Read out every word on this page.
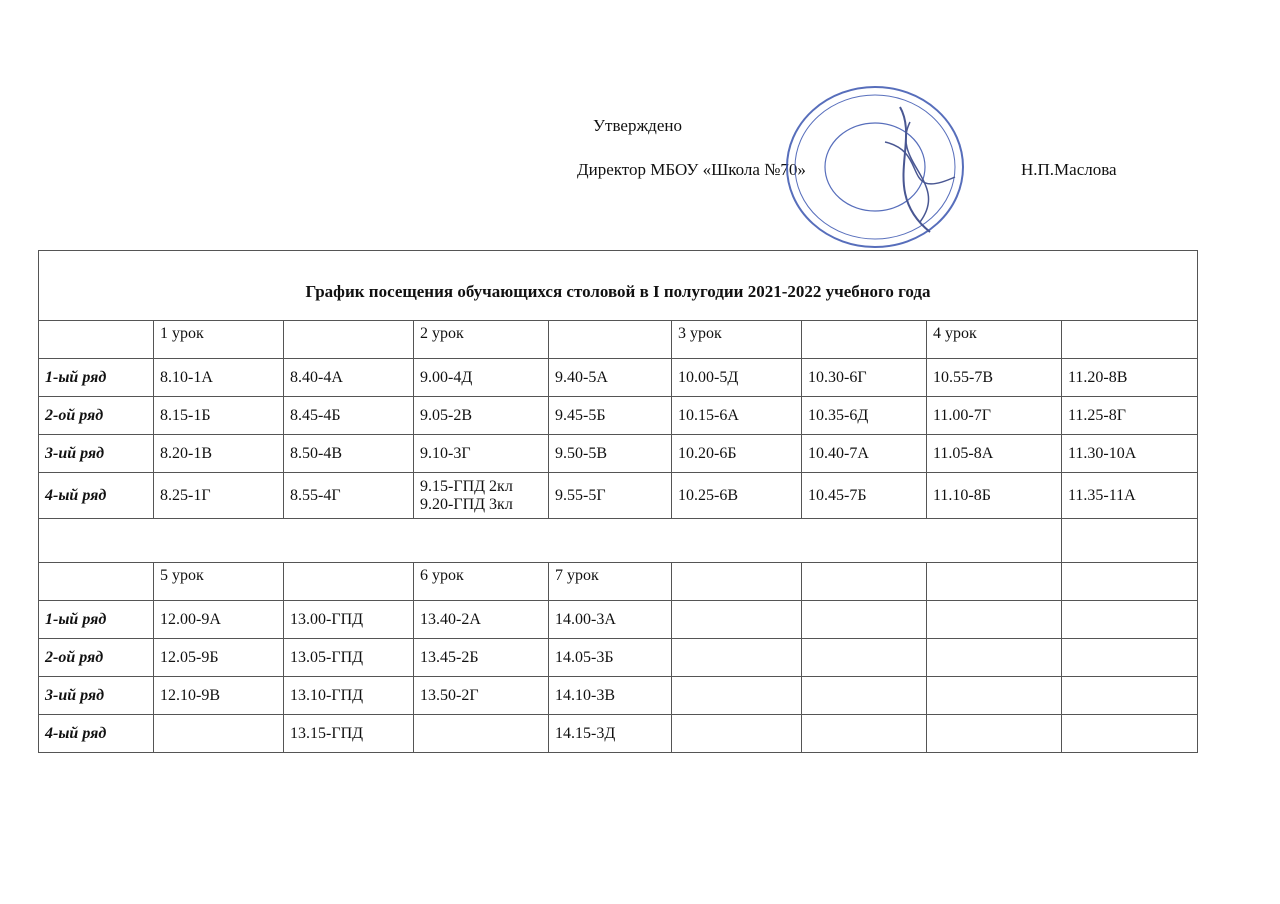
Утверждено
Директор МБОУ «Школа №70»	Н.П.Маслова
График посещения обучающихся столовой в I полугодии 2021-2022 учебного года								
	1 урок		2 урок		3 урок		4 урок	
1-ый ряд	8.10-1А	8.40-4А	9.00-4Д	9.40-5А	10.00-5Д	10.30-6Г	10.55-7В	11.20-8В
2-ой ряд	8.15-1Б	8.45-4Б	9.05-2В	9.45-5Б	10.15-6А	10.35-6Д	11.00-7Г	11.25-8Г
3-ий ряд	8.20-1В	8.50-4В	9.10-3Г	9.50-5В	10.20-6Б	10.40-7А	11.05-8А	11.30-10А
4-ый ряд	8.25-1Г	8.55-4Г	9.15-ГПД 2кл
9.20-ГПД 3кл	9.55-5Г	10.25-6В	10.45-7Б	11.10-8Б	11.35-11А

	5 урок		6 урок	7 урок				
1-ый ряд	12.00-9А	13.00-ГПД	13.40-2А	14.00-3А				
2-ой ряд	12.05-9Б	13.05-ГПД	13.45-2Б	14.05-3Б				
3-ий ряд	12.10-9В	13.10-ГПД	13.50-2Г	14.10-3В				
4-ый ряд		13.15-ГПД		14.15-3Д				
